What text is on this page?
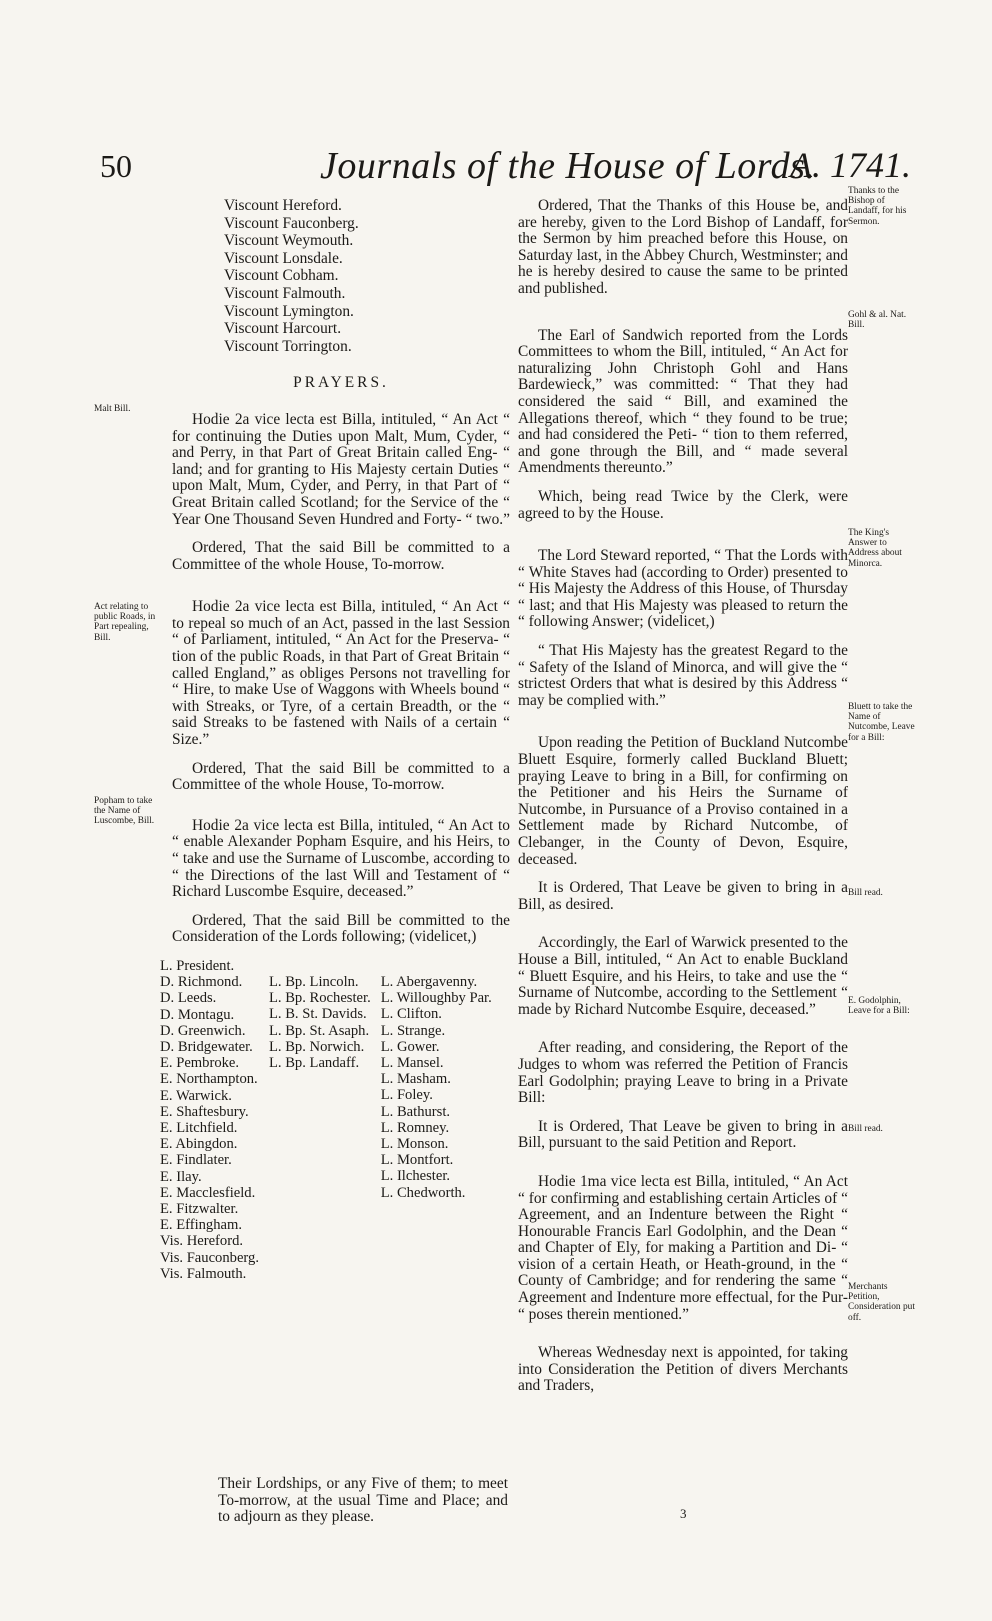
50	Journals of the House of Lords.
A. 1741.
Malt Bill.
Act relating to public Roads, in Part repealing, Bill.
Popham to take the Name of Luscombe, Bill.
Thanks to the Bishop of Landaff, for his Sermon.
Gohl & al. Nat. Bill.
The King's Answer to Address about Minorca.
Bluett to take the Name of Nutcombe, Leave for a Bill:
Bill read.
E. Godolphin, Leave for a Bill:
Bill read.
Merchants Petition, Consideration put off.
Viscount Hereford.
Viscount Fauconberg.
Viscount Weymouth.
Viscount Lonsdale.
Viscount Cobham.
Viscount Falmouth.
Viscount Lymington.
Viscount Harcourt.
Viscount Torrington.
PRAYERS.

Hodie 2a vice lecta est Billa, intituled, “ An Act “ for continuing the Duties upon Malt, Mum, Cyder, “ and Perry, in that Part of Great Britain called Eng- “ land; and for granting to His Majesty certain Duties “ upon Malt, Mum, Cyder, and Perry, in that Part of “ Great Britain called Scotland; for the Service of the “ Year One Thousand Seven Hundred and Forty- “ two.”

Ordered, That the said Bill be committed to a Committee of the whole House, To-morrow.

Hodie 2a vice lecta est Billa, intituled, “ An Act “ to repeal so much of an Act, passed in the last Session “ of Parliament, intituled, “ An Act for the Preserva- “ tion of the public Roads, in that Part of Great Britain “ called England,” as obliges Persons not travelling for “ Hire, to make Use of Waggons with Wheels bound “ with Streaks, or Tyre, of a certain Breadth, or the “ said Streaks to be fastened with Nails of a certain “ Size.”

Ordered, That the said Bill be committed to a Committee of the whole House, To-morrow.

Hodie 2a vice lecta est Billa, intituled, “ An Act to “ enable Alexander Popham Esquire, and his Heirs, to “ take and use the Surname of Luscombe, according to “ the Directions of the last Will and Testament of “ Richard Luscombe Esquire, deceased.”

Ordered, That the said Bill be committed to the Consideration of the Lords following; (videlicet,)

L. President.
D. Richmond.
D. Leeds.
D. Montagu.
D. Greenwich.
D. Bridgewater.
E. Pembroke.
E. Northampton.
E. Warwick.
E. Shaftesbury.
E. Litchfield.
E. Abingdon.
E. Findlater.
E. Ilay.
E. Macclesfield.
E. Fitzwalter.
E. Effingham.
Vis. Hereford.
Vis. Fauconberg.
Vis. Falmouth.
L. Bp. Lincoln.
L. Bp. Rochester.
L. B. St. Davids.
L. Bp. St. Asaph.
L. Bp. Norwich.
L. Bp. Landaff.
L. Abergavenny.
L. Willoughby Par.
L. Clifton.
L. Strange.
L. Gower.
L. Mansel.
L. Masham.
L. Foley.
L. Bathurst.
L. Romney.
L. Monson.
L. Montfort.
L. Ilchester.
L. Chedworth.
Their Lordships, or any Five of them; to meet To-morrow, at the usual Time and Place; and to adjourn as they please.

Ordered, That the Thanks of this House be, and are hereby, given to the Lord Bishop of Landaff, for the Sermon by him preached before this House, on Saturday last, in the Abbey Church, Westminster; and he is hereby desired to cause the same to be printed and published.

The Earl of Sandwich reported from the Lords Committees to whom the Bill, intituled, “ An Act for naturalizing John Christoph Gohl and Hans Bardewieck,” was committed: “ That they had considered the said “ Bill, and examined the Allegations thereof, which “ they found to be true; and had considered the Peti- “ tion to them referred, and gone through the Bill, and “ made several Amendments thereunto.”

Which, being read Twice by the Clerk, were agreed to by the House.

The Lord Steward reported, “ That the Lords with “ White Staves had (according to Order) presented to “ His Majesty the Address of this House, of Thursday “ last; and that His Majesty was pleased to return the “ following Answer; (videlicet,)

“ That His Majesty has the greatest Regard to the “ Safety of the Island of Minorca, and will give the “ strictest Orders that what is desired by this Address “ may be complied with.”

Upon reading the Petition of Buckland Nutcombe Bluett Esquire, formerly called Buckland Bluett; praying Leave to bring in a Bill, for confirming on the Petitioner and his Heirs the Surname of Nutcombe, in Pursuance of a Proviso contained in a Settlement made by Richard Nutcombe, of Clebanger, in the County of Devon, Esquire, deceased.

It is Ordered, That Leave be given to bring in a Bill, as desired.

Accordingly, the Earl of Warwick presented to the House a Bill, intituled, “ An Act to enable Buckland “ Bluett Esquire, and his Heirs, to take and use the “ Surname of Nutcombe, according to the Settlement “ made by Richard Nutcombe Esquire, deceased.”

After reading, and considering, the Report of the Judges to whom was referred the Petition of Francis Earl Godolphin; praying Leave to bring in a Private Bill:

It is Ordered, That Leave be given to bring in a Bill, pursuant to the said Petition and Report.

Hodie 1ma vice lecta est Billa, intituled, “ An Act “ for confirming and establishing certain Articles of “ Agreement, and an Indenture between the Right “ Honourable Francis Earl Godolphin, and the Dean “ and Chapter of Ely, for making a Partition and Di- “ vision of a certain Heath, or Heath-ground, in the “ County of Cambridge; and for rendering the same “ Agreement and Indenture more effectual, for the Pur- “ poses therein mentioned.”

Whereas Wednesday next is appointed, for taking into Consideration the Petition of divers Merchants and Traders,

3
